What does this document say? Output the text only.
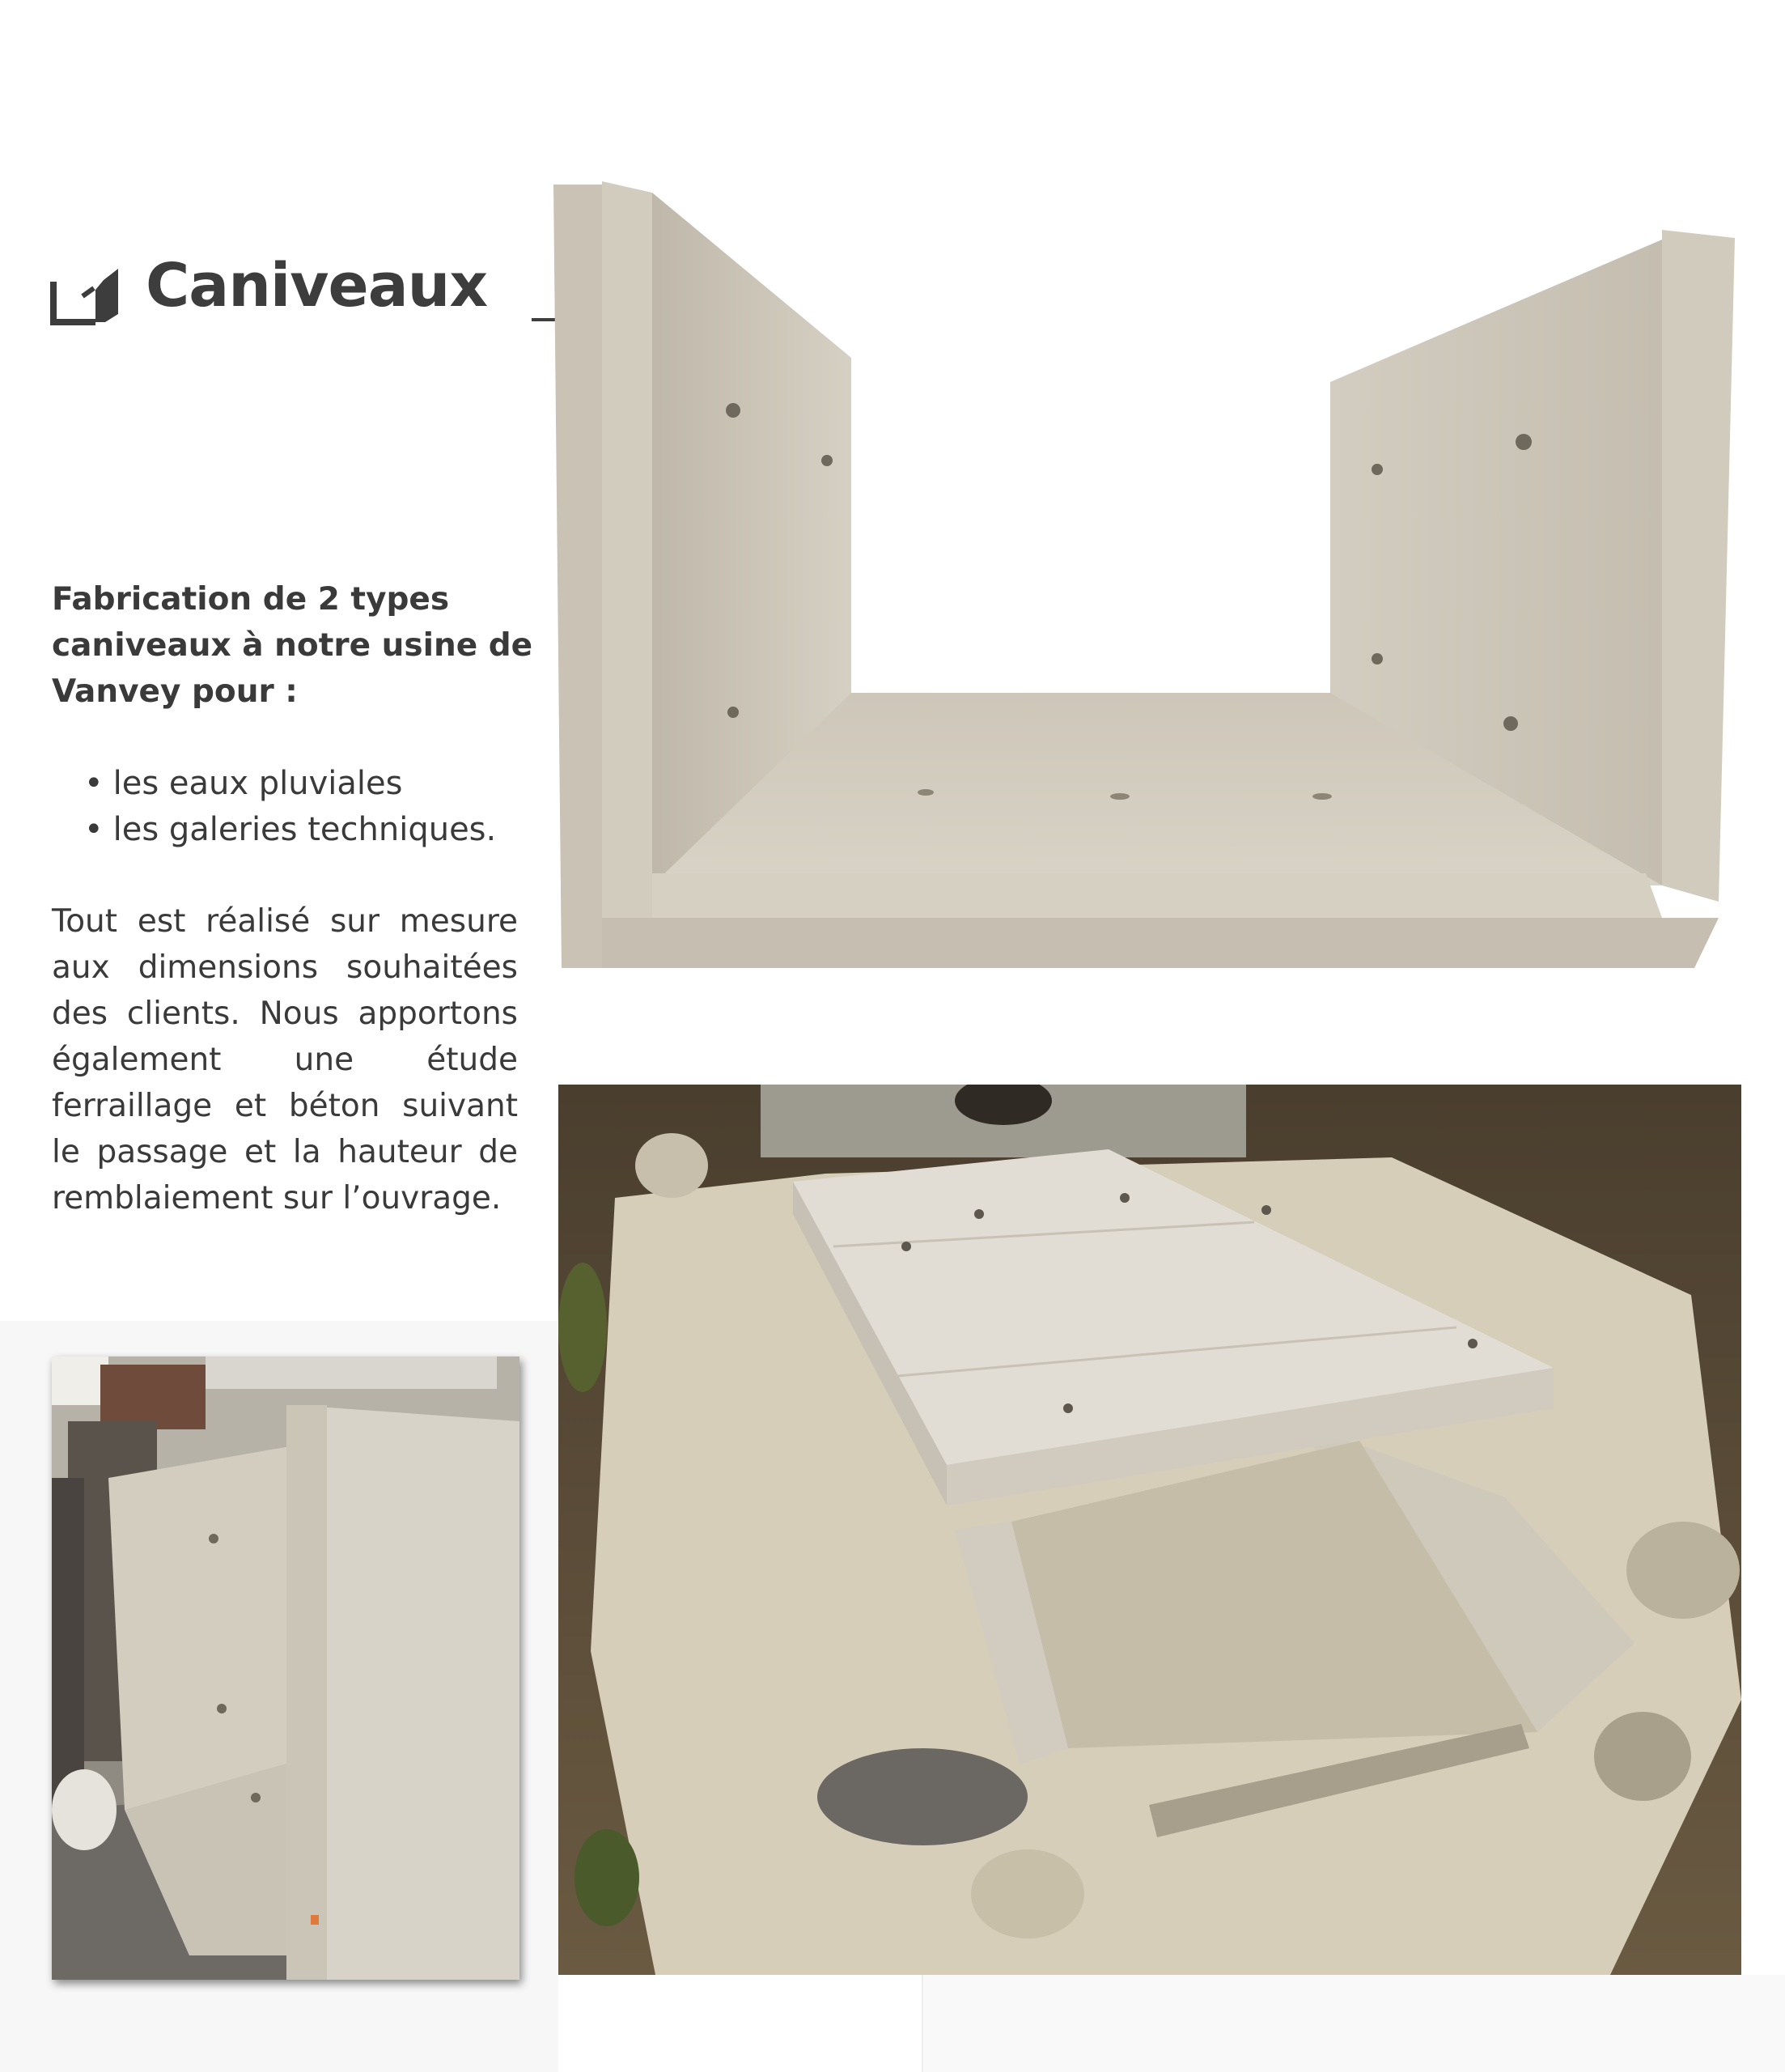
Caniveaux

Fabrication de 2 types
caniveaux à notre usine de
Vanvey pour :

• les eaux pluviales
• les galeries techniques.

Tout est réalisé sur mesure aux dimensions souhaitées des clients. Nous apportons également une étude ferraillage et béton suivant le passage et la hauteur de remblaiement sur l’ouvrage.
